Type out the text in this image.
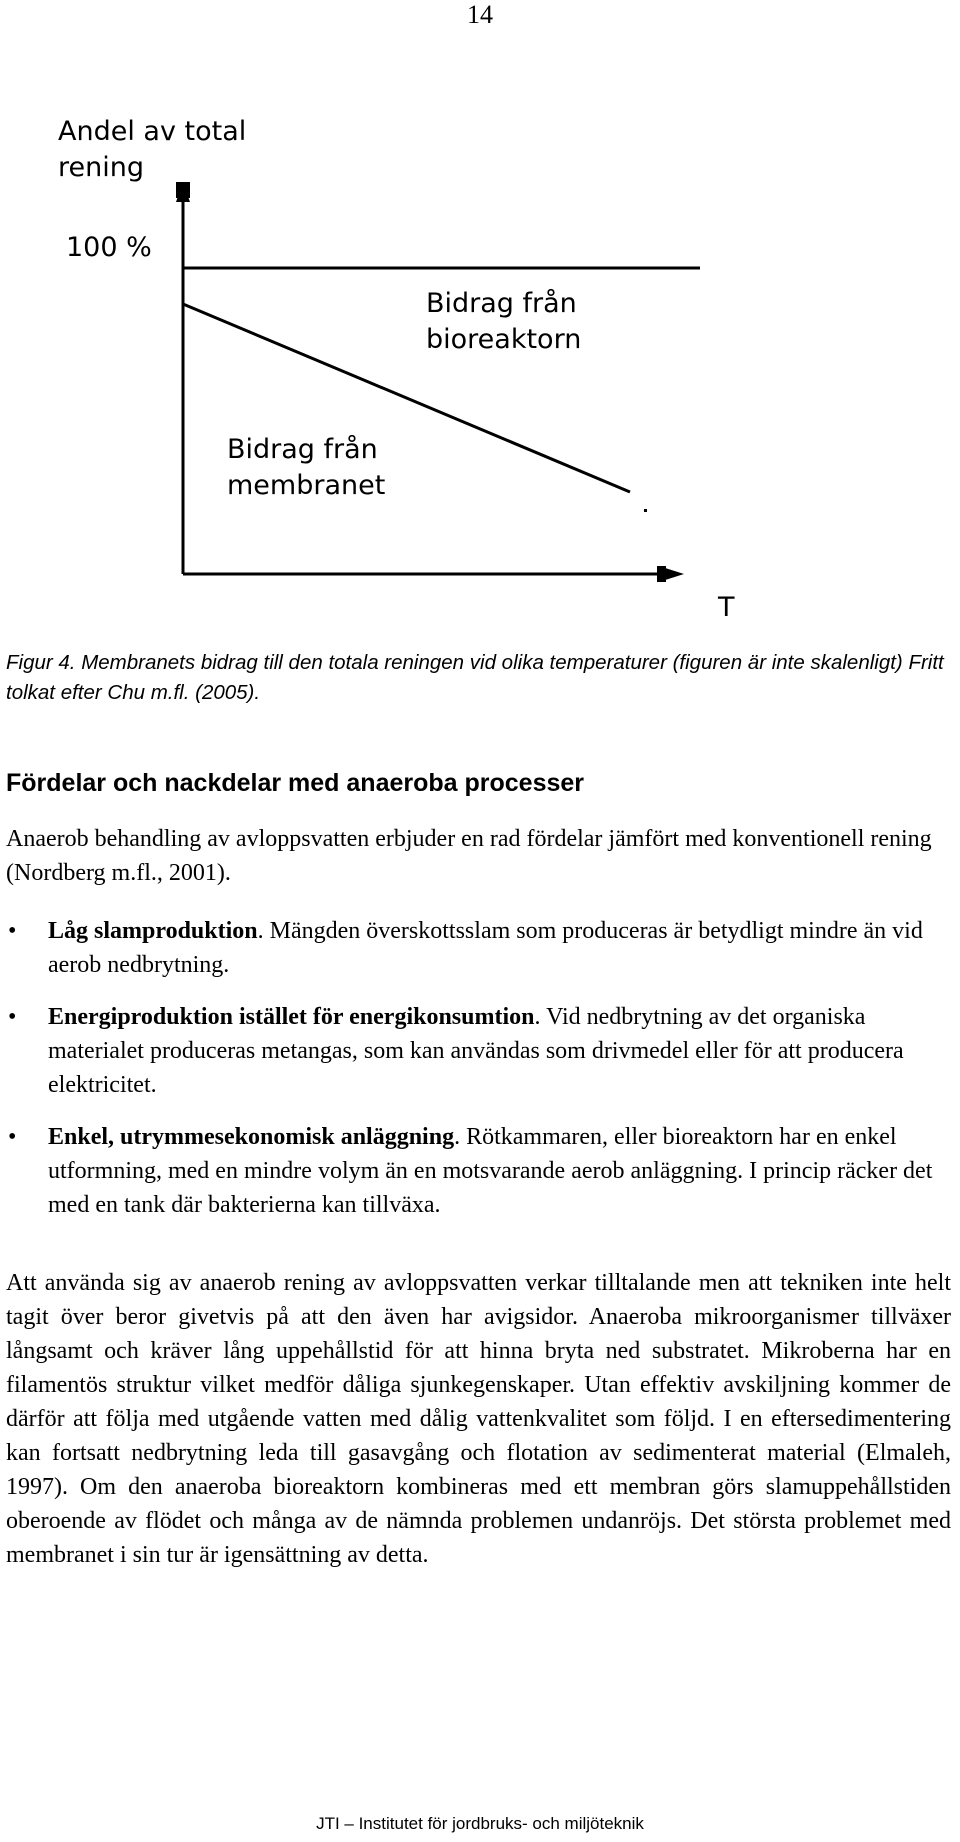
14
Andel av total
rening
100 %
Bidrag från
bioreaktorn
Bidrag från
membranet
T
Figur 4. Membranets bidrag till den totala reningen vid olika temperaturer (figuren är inte skalenligt) Fritt tolkat efter Chu m.fl. (2005).
Fördelar och nackdelar med anaeroba processer
Anaerob behandling av avloppsvatten erbjuder en rad fördelar jämfört med konventionell rening (Nordberg m.fl., 2001).
• Låg slamproduktion. Mängden överskottsslam som produceras är betydligt mindre än vid aerob nedbrytning.
• Energiproduktion istället för energikonsumtion. Vid nedbrytning av det organiska materialet produceras metangas, som kan användas som drivmedel eller för att producera elektricitet.
• Enkel, utrymmesekonomisk anläggning. Rötkammaren, eller bioreaktorn har en enkel utformning, med en mindre volym än en motsvarande aerob anläggning. I princip räcker det med en tank där bakterierna kan tillväxa.
Att använda sig av anaerob rening av avloppsvatten verkar tilltalande men att tekniken inte helt tagit över beror givetvis på att den även har avigsidor. Anaeroba mikroorganismer tillväxer långsamt och kräver lång uppehållstid för att hinna bryta ned substratet. Mikroberna har en filamentös struktur vilket medför dåliga sjunkegenskaper. Utan effektiv avskiljning kommer de därför att följa med utgående vatten med dålig vattenkvalitet som följd. I en eftersedimentering kan fortsatt nedbrytning leda till gasavgång och flotation av sedimenterat material (Elmaleh, 1997). Om den anaeroba bioreaktorn kombineras med ett membran görs slamuppehållstiden oberoende av flödet och många av de nämnda problemen undanröjs. Det största problemet med membranet i sin tur är igensättning av detta.
JTI – Institutet för jordbruks- och miljöteknik
